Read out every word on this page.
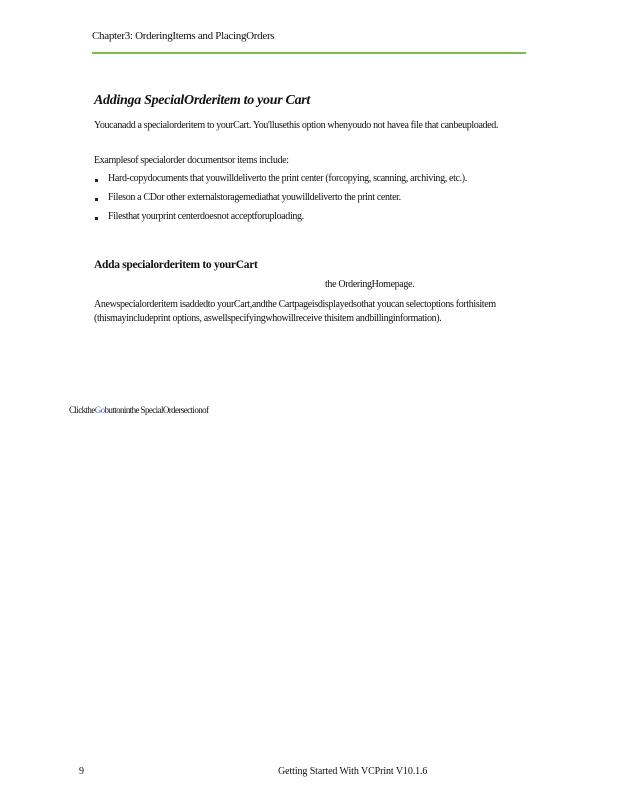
Chapter3: OrderingItems and PlacingOrders
Addinga SpecialOrderitem to your Cart
Youcanadd a specialorderitem to yourCart. You'llusethis option whenyoudo not havea file that canbeuploaded.
Examplesof specialorder documentsor items include:
Hard-copydocuments that youwilldeliverto the print center (forcopying, scanning, archiving, etc.).
Fileson a CDor other externalstoragemediathat youwilldeliverto the print center.
Filesthat yourprint centerdoesnot acceptforuploading.
Adda specialorderitem to yourCart
the OrderingHomepage.
Anewspecialorderitem isaddedto yourCart,andthe Cartpageisdisplayedsothat youcan selectoptions forthisitem (thismayincludeprint options, aswellspecifyingwhowillreceive thisitem andbillinginformation).
ClicktheGobuttoninthe SpecialOrdersectionof
9	Getting Started With VCPrint V10.1.6
